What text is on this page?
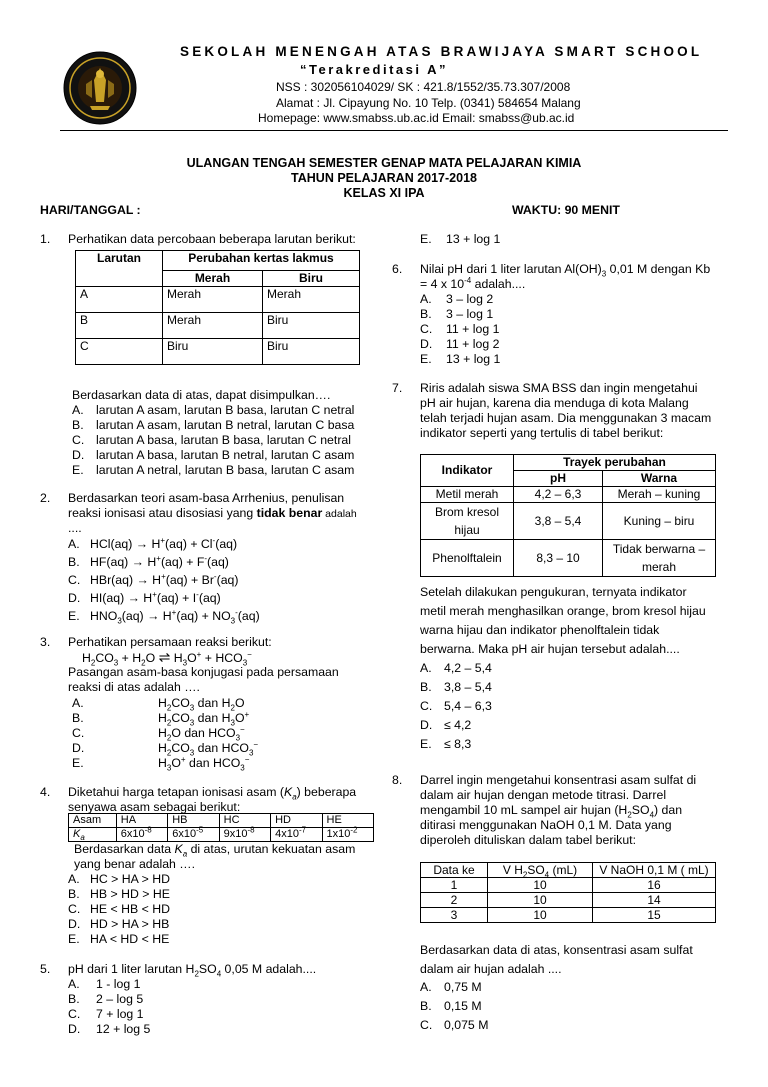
SEKOLAH MENENGAH ATAS BRAWIJAYA SMART SCHOOL
“Terakreditasi A”
NSS : 302056104029/ SK : 421.8/1552/35.73.307/2008
Alamat : Jl. Cipayung No. 10 Telp. (0341) 584654 Malang
Homepage: www.smabss.ub.ac.id Email: smabss@ub.ac.id
ULANGAN TENGAH SEMESTER GENAP MATA PELAJARAN KIMIA
TAHUN PELAJARAN 2017-2018
KELAS XI IPA
HARI/TANGGAL :	WAKTU: 90 MENIT
1. Perhatikan data percobaan beberapa larutan berikut:
Larutan	Perubahan kertas lakmus	
	Merah	Biru
A	Merah	Merah
B	Merah	Biru
C	Biru	Biru
Berdasarkan data di atas, dapat disimpulkan….
A. larutan A asam, larutan B basa, larutan C netral
B. larutan A asam, larutan B netral, larutan C basa
C. larutan A basa, larutan B basa, larutan C netral
D. larutan A basa, larutan B netral, larutan C asam
E. larutan A netral, larutan B basa, larutan C asam
2. Berdasarkan teori asam-basa Arrhenius, penulisan
reaksi ionisasi atau disosiasi yang tidak benar adalah
....
A. HCl(aq) → H+(aq) + Cl-(aq)
B. HF(aq) → H+(aq) + F-(aq)
C. HBr(aq) → H+(aq) + Br-(aq)
D. HI(aq) → H+(aq) + I-(aq)
E. $HNO_3(aq) \to H^+(aq) + NO_3^-(aq)$
3. Perhatikan persamaan reaksi berikut:
$H_2CO_3 + H_2O$ ⇌ $H_3O^+ + HCO_3^-$
Pasangan asam-basa konjugasi pada persamaan
reaksi di atas adalah ….
A.	$H_2CO_3$ dan $H_2O$
B.	$H_2CO_3$ dan $H_3O^+$
C.	$H_2O$ dan $HCO_3^-$
D.	$H_2CO_3$ dan $HCO_3^-$
E.	$H_3O^+$ dan $HCO_3^-$
4. Diketahui harga tetapan ionisasi asam $(K_a)$ beberapa
senyawa asam sebagai berikut:
Asam	HA	HB	HC	HD	HE
$K_a$	$6x10^{-8}$	$6x10^{-5}$	$9x10^{-8}$	$4x10^{-7}$	$1x10^{-2}$
Berdasarkan data $K_a$ di atas, urutan kekuatan asam
yang benar adalah ….
A. HC > HA > HD
B. HB > HD > HE
C. HE < HB < HD
D. HD > HA > HB
E. HA < HD < HE
5. pH dari 1 liter larutan $H_2SO_4$ 0,05 M adalah....
A. 1 - log 1
B. 2 – log 5
C. 7 + log 1
D. 12 + log 5
E. 13 + log 1
6. Nilai pH dari 1 liter larutan $Al(OH)_3$ 0,01 M dengan Kb
= 4 x $10^{-4}$ adalah....
A. 3 – log 2
B. 3 – log 1
C. 11 + log 1
D. 11 + log 2
E. 13 + log 1
7. Riris adalah siswa SMA BSS dan ingin mengetahui
pH air hujan, karena dia menduga di kota Malang
telah terjadi hujan asam. Dia menggunakan 3 macam
indikator seperti yang tertulis di tabel berikut:
Indikator	Trayek perubahan	
	pH	Warna
Metil merah	4,2 – 6,3	Merah – kuning
Brom kresol
hijau	3,8 – 5,4	Kuning – biru
Phenolftalein	8,3 – 10	Tidak berwarna –
merah
Setelah dilakukan pengukuran, ternyata indikator
metil merah menghasilkan orange, brom kresol hijau
warna hijau dan indikator phenolftalein tidak
berwarna. Maka pH air hujan tersebut adalah....
A. 4,2 – 5,4
B. 3,8 – 5,4
C. 5,4 – 6,3
D. ≤ 4,2
E. ≤ 8,3
8. Darrel ingin mengetahui konsentrasi asam sulfat di
dalam air hujan dengan metode titrasi. Darrel
mengambil 10 mL sampel air hujan $(H_2SO_4)$ dan
ditirasi menggunakan NaOH 0,1 M. Data yang
diperoleh dituliskan dalam tabel berikut:
Data ke	V $H_2SO_4$ (mL)	V NaOH 0,1 M ( mL)
1	10	16
2	10	14
3	10	15
Berdasarkan data di atas, konsentrasi asam sulfat
dalam air hujan adalah ....
A. 0,75 M
B. 0,15 M
C. 0,075 M
